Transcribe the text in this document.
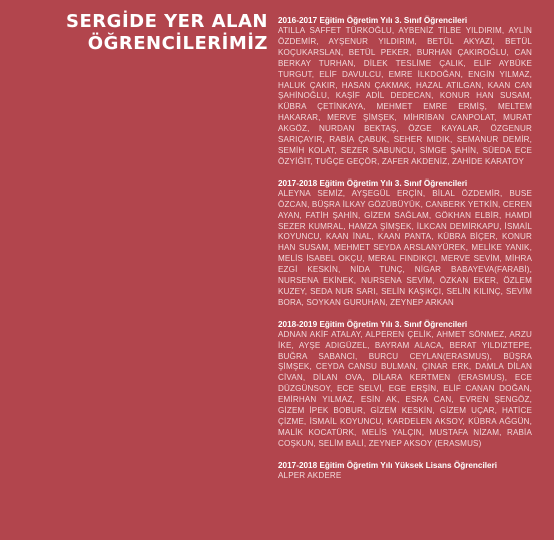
SERGİDE YER ALAN
ÖĞRENCİLERİMİZ
2016-2017 Eğitim Öğretim Yılı 3. Sınıf Öğrencileri

ATILLA SAFFET TÜRKOĞLU, AYBENİZ TİLBE YILDIRIM, AYLİN ÖZDEMİR, AYŞENUR YILDIRIM, BETÜL AKYAZI, BETÜL KOÇUKARSLAN, BETÜL PEKER, BURHAN ÇAKIROĞLU, CAN BERKAY TURHAN, DİLEK TESLİME ÇALIK, ELİF AYBÜKE TURGUT, ELİF DAVULCU, EMRE İLKDOĞAN, ENGİN YILMAZ, HALUK ÇAKIR, HASAN ÇAKMAK, HAZAL ATILGAN, KAAN CAN ŞAHİNOĞLU, KAŞİF ADİL DEDECAN, KONUR HAN SUSAM, KÜBRA ÇETİNKAYA, MEHMET EMRE ERMİŞ, MELTEM HAKARAR, MERVE ŞİMŞEK, MİHRİBAN CANPOLAT, MURAT AKGÖZ, NURDAN BEKTAŞ, ÖZGE KAYALAR, ÖZGENUR SARIÇAYIR, RABİA ÇABUK, SEHER MIDIK, SEMANUR DEMİR, SEMİH KOLAT, SEZER SABUNCU, SİMGE ŞAHİN, SÜEDA ECE ÖZYİĞİT, TUĞÇE GEÇÖR, ZAFER AKDENİZ, ZAHİDE KARATOY

2017-2018 Eğitim Öğretim Yılı 3. Sınıf Öğrencileri

ALEYNA SEMİZ, AYŞEGÜL ERÇİN, BİLAL ÖZDEMİR, BUSE ÖZCAN, BÜŞRA İLKAY GÖZÜBÜYÜK, CANBERK YETKİN, CEREN AYAN, FATİH ŞAHİN, GİZEM SAĞLAM, GÖKHAN ELBİR, HAMDİ SEZER KUMRAL, HAMZA ŞİMŞEK, İLKCAN DEMİRKAPU, İSMAİL KOYUNCU, KAAN İNAL, KAAN PANTA, KÜBRA BİÇER, KONUR HAN SUSAM, MEHMET SEYDA ARSLANYÜREK, MELİKE YANIK, MELİS İSABEL OKÇU, MERAL FINDIKÇI, MERVE SEVİM, MİHRA EZGİ KESKİN, NİDA TUNÇ, NİGAR BABAYEVA(FARABİ), NURSENA EKİNEK, NURSENA SEVİM, ÖZKAN EKER, ÖZLEM KUZEY, SEDA NUR SARI, SELİN KAŞIKÇI, SELİN KILINÇ, SEVİM BORA, SOYKAN GURUHAN, ZEYNEP ARKAN

2018-2019 Eğitim Öğretim Yılı 3. Sınıf Öğrencileri

ADNAN AKİF ATALAY, ALPEREN ÇELİK, AHMET SÖNMEZ, ARZU İKE, AYŞE ADIGÜZEL, BAYRAM ALACA, BERAT YILDIZTEPE, BUĞRA SABANCI, BURCU CEYLAN(ERASMUS), BÜŞRA ŞİMŞEK, CEYDA CANSU BULMAN, ÇINAR ERK, DAMLA DİLAN CİVAN, DİLAN OVA, DİLARA KERTMEN (ERASMUS), ECE DÜZGÜNSOY, ECE SELVİ, EGE ERŞİN, ELİF CANAN DOĞAN, EMİRHAN YILMAZ, ESİN AK, ESRA CAN, EVREN ŞENGÖZ, GİZEM İPEK BOBUR, GİZEM KESKİN, GİZEM UÇAR, HATİCE ÇİZME, İSMAİL KOYUNCU, KARDELEN AKSOY, KÜBRA AĞGÜN, MALİK KOCATÜRK, MELİS YALÇIN, MUSTAFA NİZAM, RABİA COŞKUN, SELİM BALİ, ZEYNEP AKSOY (ERASMUS)

2017-2018 Eğitim Öğretim Yılı Yüksek Lisans Öğrencileri

ALPER AKDERE
